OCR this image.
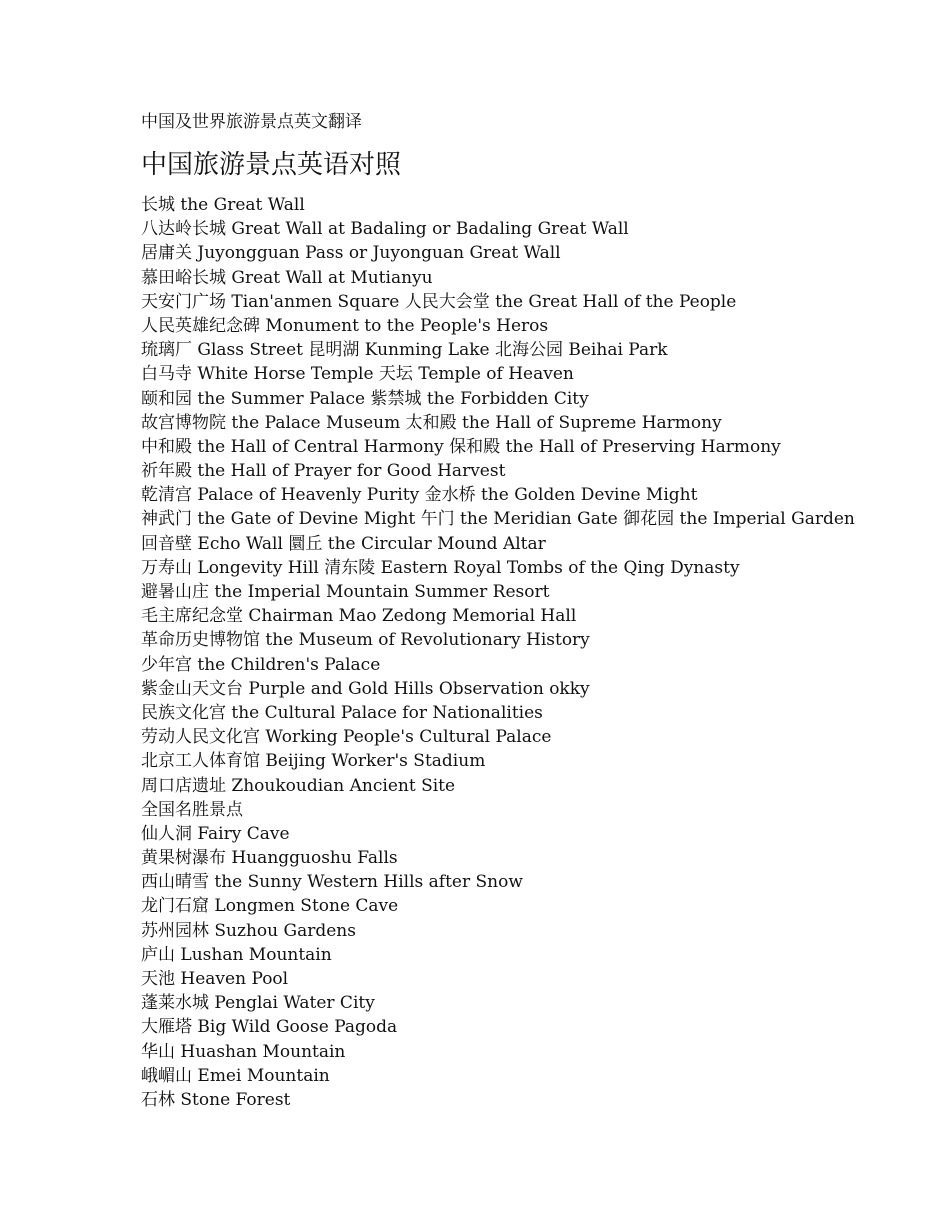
中国及世界旅游景点英文翻译
中国旅游景点英语对照
长城 the Great Wall
八达岭长城 Great Wall at Badaling or Badaling Great Wall
居庸关 Juyongguan Pass or Juyonguan Great Wall
慕田峪长城 Great Wall at Mutianyu
天安门广场 Tian'anmen Square 人民大会堂 the Great Hall of the People
人民英雄纪念碑 Monument to the People's Heros
琉璃厂 Glass Street 昆明湖 Kunming Lake 北海公园 Beihai Park
白马寺 White Horse Temple 天坛 Temple of Heaven
颐和园 the Summer Palace 紫禁城 the Forbidden City
故宫博物院 the Palace Museum 太和殿 the Hall of Supreme Harmony
中和殿 the Hall of Central Harmony 保和殿 the Hall of Preserving Harmony
祈年殿 the Hall of Prayer for Good Harvest
乾清宫 Palace of Heavenly Purity 金水桥 the Golden Devine Might
神武门 the Gate of Devine Might 午门 the Meridian Gate 御花园 the Imperial Garden
回音壁 Echo Wall 圜丘 the Circular Mound Altar
万寿山 Longevity Hill 清东陵 Eastern Royal Tombs of the Qing Dynasty
避暑山庄 the Imperial Mountain Summer Resort
毛主席纪念堂 Chairman Mao Zedong Memorial Hall
革命历史博物馆 the Museum of Revolutionary History
少年宫 the Children's Palace
紫金山天文台 Purple and Gold Hills Observation okky
民族文化宫 the Cultural Palace for Nationalities
劳动人民文化宫 Working People's Cultural Palace
北京工人体育馆 Beijing Worker's Stadium
周口店遗址 Zhoukoudian Ancient Site
全国名胜景点
仙人洞 Fairy Cave
黄果树瀑布 Huangguoshu Falls
西山晴雪 the Sunny Western Hills after Snow
龙门石窟 Longmen Stone Cave
苏州园林 Suzhou Gardens
庐山 Lushan Mountain
天池 Heaven Pool
蓬莱水城 Penglai Water City
大雁塔 Big Wild Goose Pagoda
华山 Huashan Mountain
峨嵋山 Emei Mountain
石林 Stone Forest
